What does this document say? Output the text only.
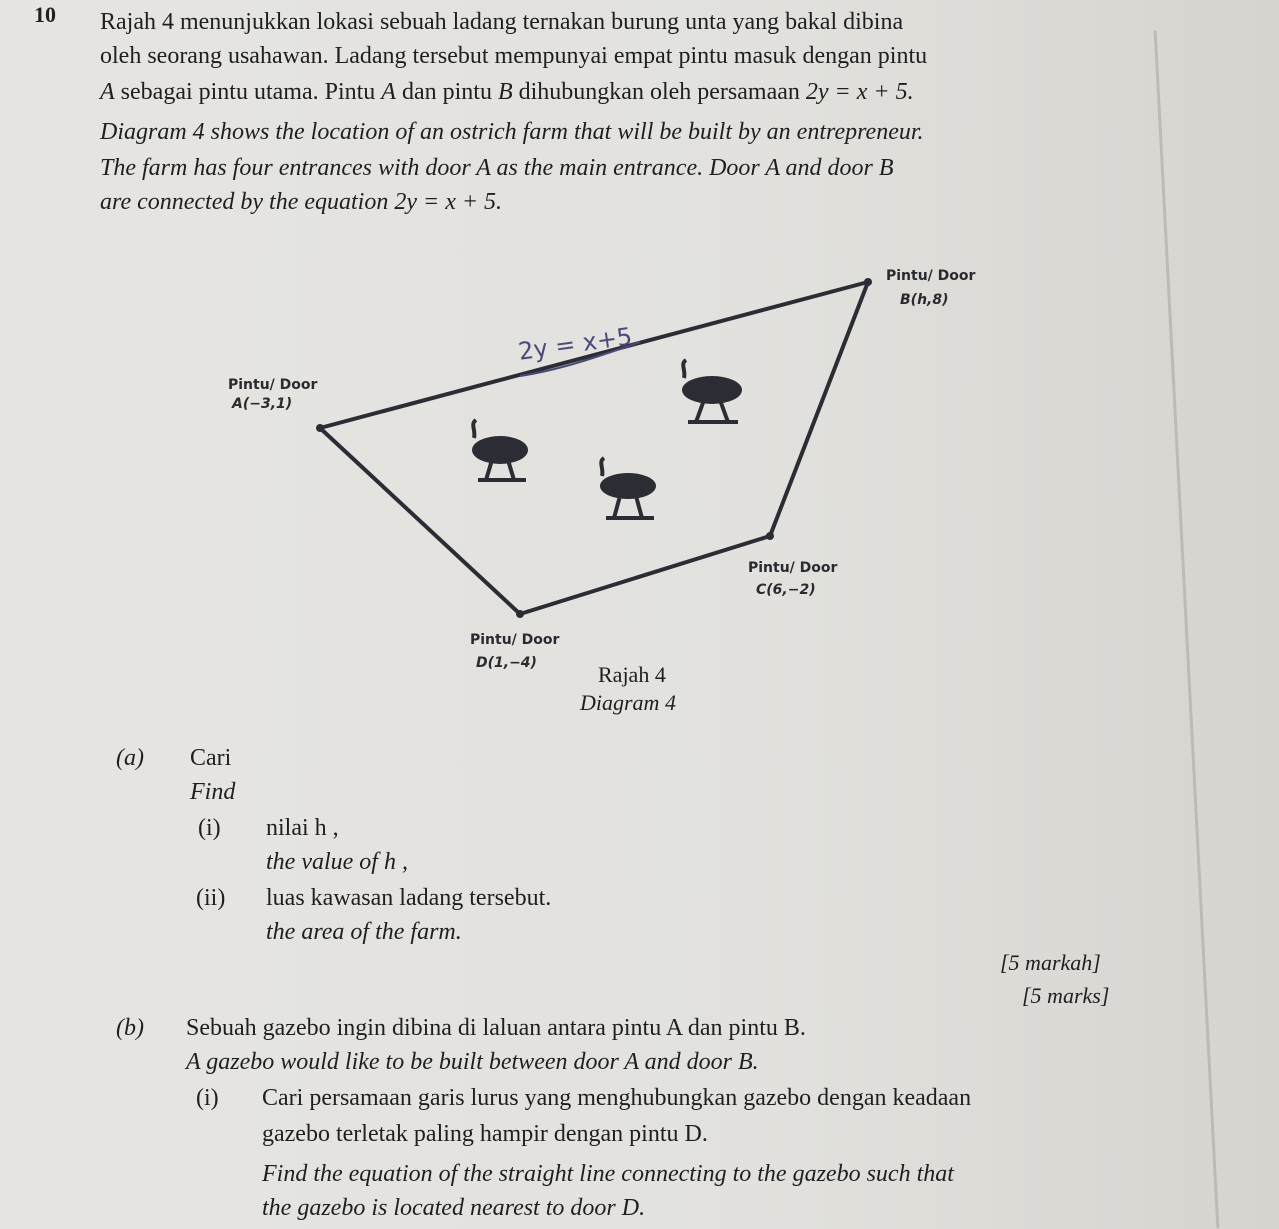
10 Rajah 4 menunjukkan lokasi sebuah ladang ternakan burung unta yang bakal dibina
oleh seorang usahawan. Ladang tersebut mempunyai empat pintu masuk dengan pintu
A sebagai pintu utama. Pintu A dan pintu B dihubungkan oleh persamaan 2y = x + 5.
Diagram 4 shows the location of an ostrich farm that will be built by an entrepreneur.
The farm has four entrances with door A as the main entrance. Door A and door B
are connected by the equation 2y = x + 5.
Pintu/ Door
B(h,8)
Pintu/ Door
A(−3,1)
Pintu/ Door
C(6,−2)
Pintu/ Door
D(1,−4)
2y = x+5
Rajah 4
Diagram 4
(a) Cari
Find
(i) nilai h ,
the value of h ,
(ii) luas kawasan ladang tersebut.
the area of the farm.
[5 markah]
[5 marks]
(b) Sebuah gazebo ingin dibina di laluan antara pintu A dan pintu B.
A gazebo would like to be built between door A and door B.
(i) Cari persamaan garis lurus yang menghubungkan gazebo dengan keadaan
gazebo terletak paling hampir dengan pintu D.
Find the equation of the straight line connecting to the gazebo such that
the gazebo is located nearest to door D.
